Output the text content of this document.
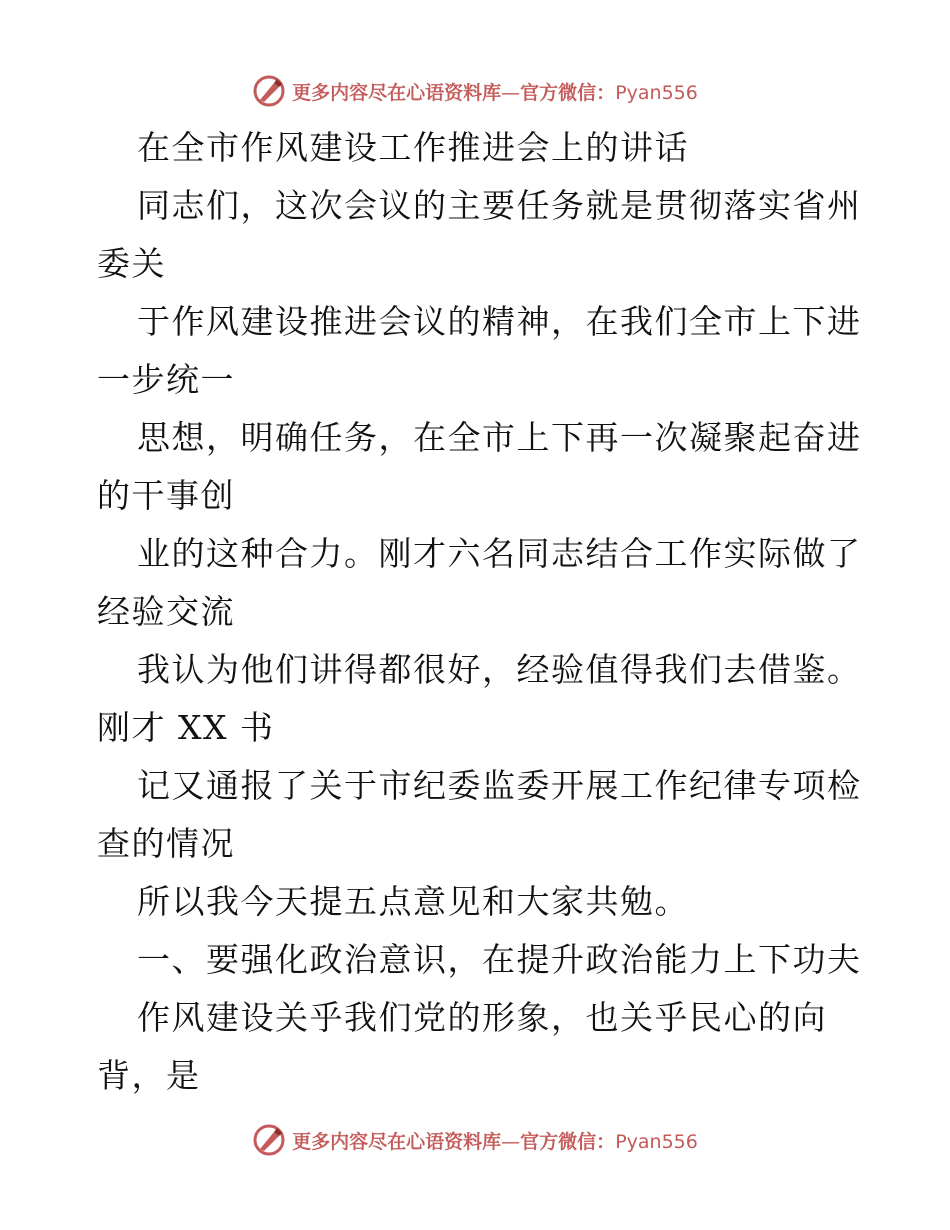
更多内容尽在心语资料库—官方微信：Pyan556
在全市作风建设工作推进会上的讲话
同志们，这次会议的主要任务就是贯彻落实省州
委关
于作风建设推进会议的精神，在我们全市上下进
一步统一
思想，明确任务，在全市上下再一次凝聚起奋进
的干事创
业的这种合力。刚才六名同志结合工作实际做了
经验交流
我认为他们讲得都很好，经验值得我们去借鉴。
刚才 XX 书
记又通报了关于市纪委监委开展工作纪律专项检
查的情况
所以我今天提五点意见和大家共勉。
一、要强化政治意识，在提升政治能力上下功夫
作风建设关乎我们党的形象，也关乎民心的向
背，是
更多内容尽在心语资料库—官方微信：Pyan556
